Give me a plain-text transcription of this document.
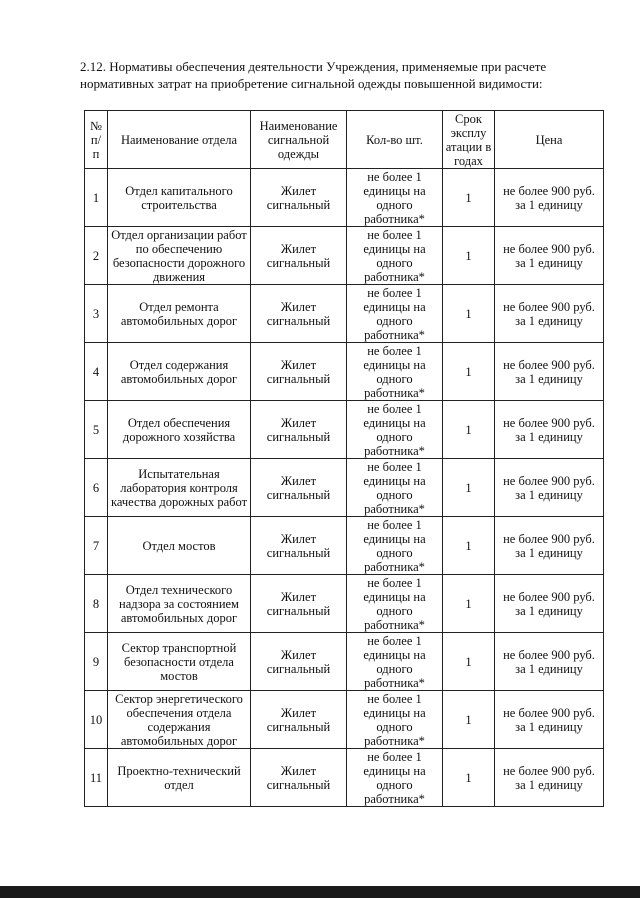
2.12. Нормативы обеспечения деятельности Учреждения, применяемые при расчете

нормативных затрат на приобретение сигнальной одежды повышенной видимости:

№ п/ п	Наименование отдела	Наименование сигнальной одежды	Кол-во шт.	Срок эксплу атации в годах	Цена
1	Отдел капитального строительства	Жилет сигнальный	не более 1 единицы на одного работника*	1	не более 900 руб. за 1 единицу
2	Отдел организации работ по обеспечению безопасности дорожного движения	Жилет сигнальный	не более 1 единицы на одного работника*	1	не более 900 руб. за 1 единицу
3	Отдел ремонта автомобильных дорог	Жилет сигнальный	не более 1 единицы на одного работника*	1	не более 900 руб. за 1 единицу
4	Отдел содержания автомобильных дорог	Жилет сигнальный	не более 1 единицы на одного работника*	1	не более 900 руб. за 1 единицу
5	Отдел обеспечения дорожного хозяйства	Жилет сигнальный	не более 1 единицы на одного работника*	1	не более 900 руб. за 1 единицу
6	Испытательная лаборатория контроля качества дорожных работ	Жилет сигнальный	не более 1 единицы на одного работника*	1	не более 900 руб. за 1 единицу
7	Отдел мостов	Жилет сигнальный	не более 1 единицы на одного работника*	1	не более 900 руб. за 1 единицу
8	Отдел технического надзора за состоянием автомобильных дорог	Жилет сигнальный	не более 1 единицы на одного работника*	1	не более 900 руб. за 1 единицу
9	Сектор транспортной безопасности отдела мостов	Жилет сигнальный	не более 1 единицы на одного работника*	1	не более 900 руб. за 1 единицу
10	Сектор энергетического обеспечения отдела содержания автомобильных дорог	Жилет сигнальный	не более 1 единицы на одного работника*	1	не более 900 руб. за 1 единицу
11	Проектно-технический отдел	Жилет сигнальный	не более 1 единицы на одного работника*	1	не более 900 руб. за 1 единицу
